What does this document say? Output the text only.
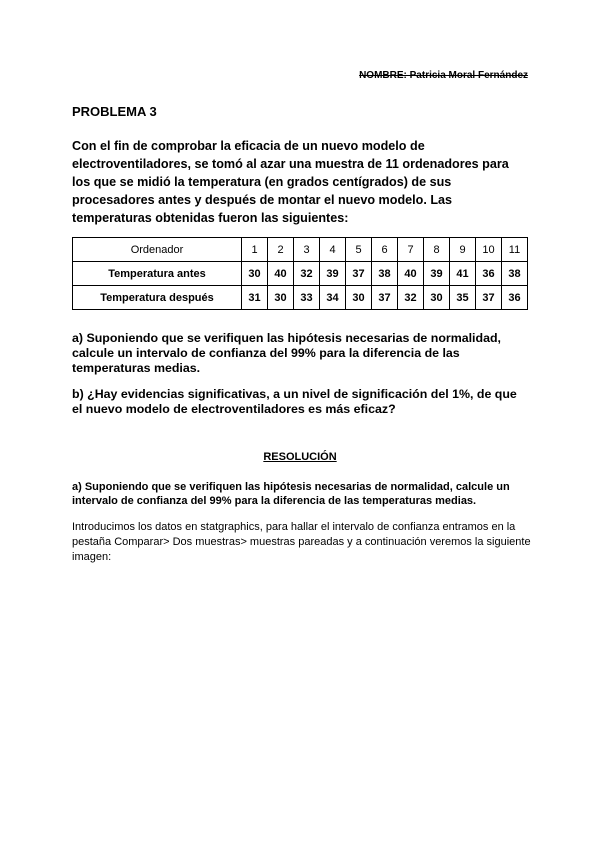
NOMBRE: Patricia Moral Fernández
PROBLEMA 3
Con el fin de comprobar la eficacia de un nuevo modelo de electroventiladores, se tomó al azar una muestra de 11 ordenadores para los que se midió la temperatura (en grados centígrados) de sus procesadores antes y después de montar el nuevo modelo. Las temperaturas obtenidas fueron las siguientes:
Ordenador	1	2	3	4	5	6	7	8	9	10	11
Temperatura antes	30	40	32	39	37	38	40	39	41	36	38
Temperatura después	31	30	33	34	30	37	32	30	35	37	36
a) Suponiendo que se verifiquen las hipótesis necesarias de normalidad, calcule un intervalo de confianza del 99% para la diferencia de las temperaturas medias.
b) ¿Hay evidencias significativas, a un nivel de significación del 1%, de que el nuevo modelo de electroventiladores es más eficaz?
RESOLUCIÓN
a) Suponiendo que se verifiquen las hipótesis necesarias de normalidad, calcule un intervalo de confianza del 99% para la diferencia de las temperaturas medias.
Introducimos los datos en statgraphics, para hallar el intervalo de confianza entramos en la pestaña Comparar> Dos muestras> muestras pareadas y a continuación veremos la siguiente imagen:
